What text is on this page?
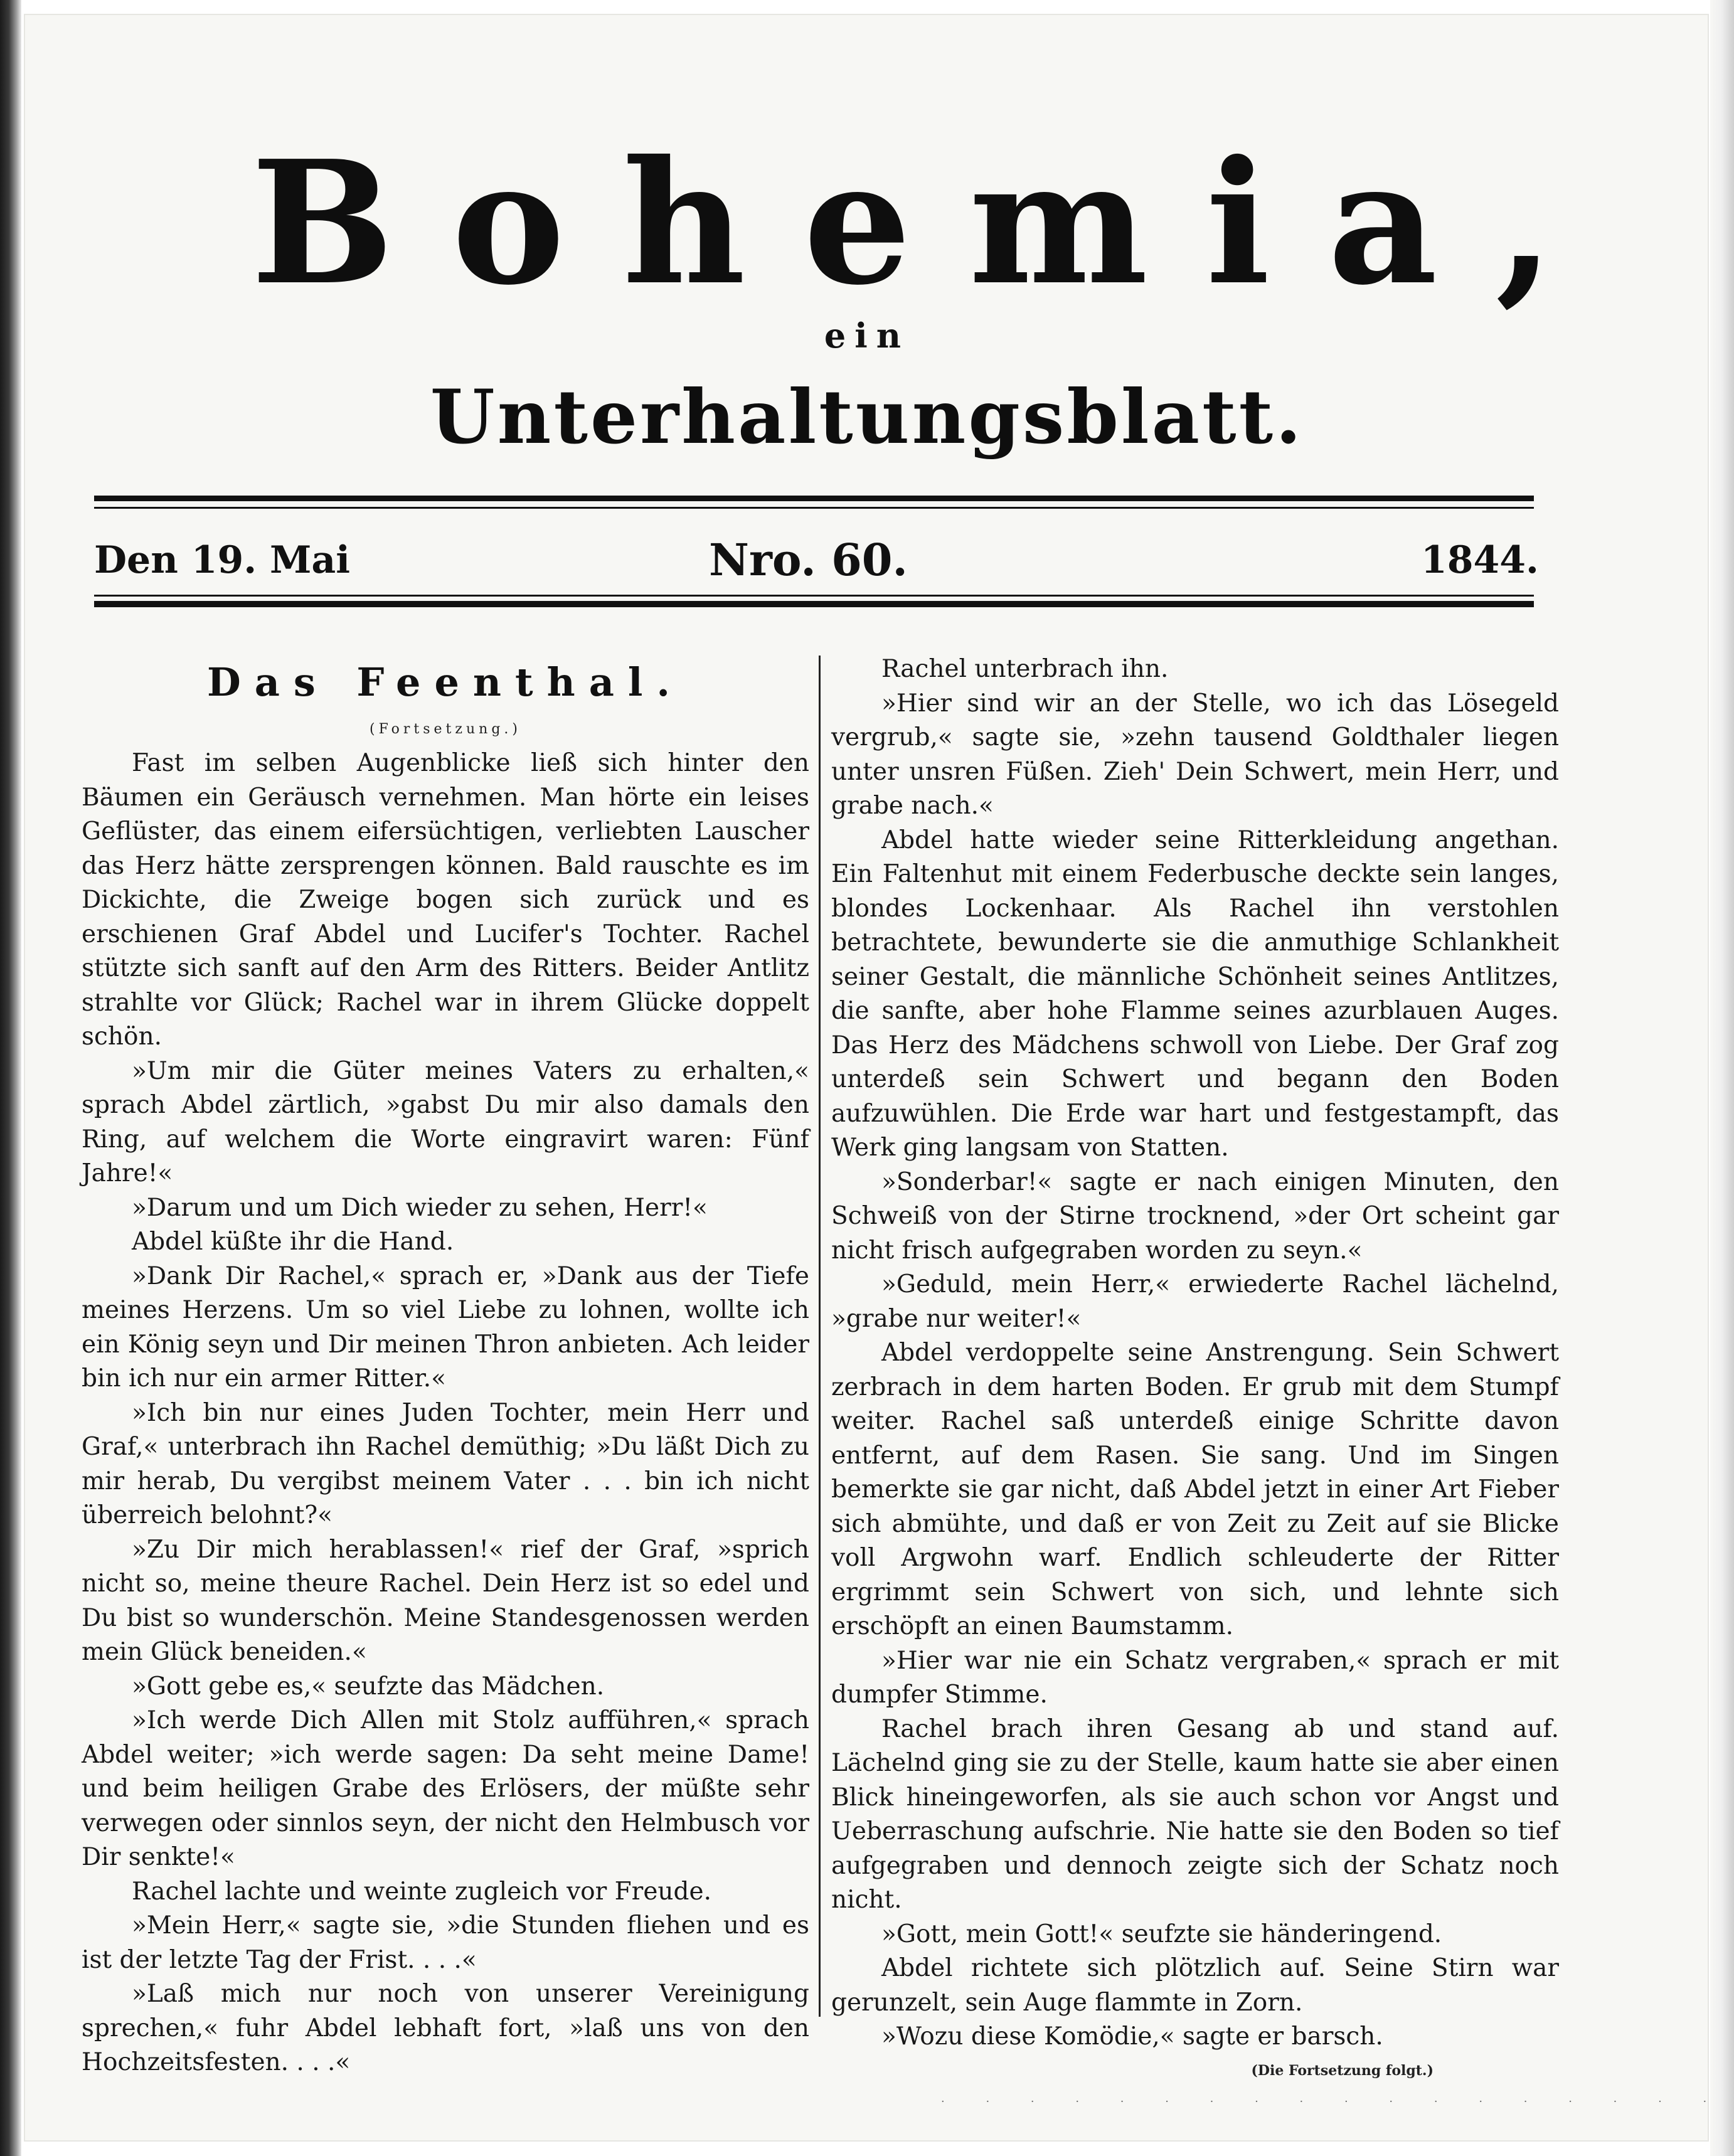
Bohemia,
ein
Unterhaltungsblatt.
Den 19. Mai	Nro. 60.	1844.

Das Feenthal.

(Fortsetzung.)

Fast im selben Augenblicke ließ sich hinter den Bäumen ein Geräusch vernehmen. Man hörte ein leises Geflüster, das einem eifersüchtigen, verliebten Lauscher das Herz hätte zersprengen können. Bald rauschte es im Dickichte, die Zweige bogen sich zurück und es erschienen Graf Abdel und Lucifer's Tochter. Rachel stützte sich sanft auf den Arm des Ritters. Beider Antlitz strahlte vor Glück; Rachel war in ihrem Glücke doppelt schön.

»Um mir die Güter meines Vaters zu erhalten,« sprach Abdel zärtlich, »gabst Du mir also damals den Ring, auf welchem die Worte eingravirt waren: Fünf Jahre!«

»Darum und um Dich wieder zu sehen, Herr!«

Abdel küßte ihr die Hand.

»Dank Dir Rachel,« sprach er, »Dank aus der Tiefe meines Herzens. Um so viel Liebe zu lohnen, wollte ich ein König seyn und Dir meinen Thron anbieten. Ach leider bin ich nur ein armer Ritter.«

»Ich bin nur eines Juden Tochter, mein Herr und Graf,« unterbrach ihn Rachel demüthig; »Du läßt Dich zu mir herab, Du vergibst meinem Vater . . . bin ich nicht überreich belohnt?«

»Zu Dir mich herablassen!« rief der Graf, »sprich nicht so, meine theure Rachel. Dein Herz ist so edel und Du bist so wunderschön. Meine Standesgenossen werden mein Glück beneiden.«

»Gott gebe es,« seufzte das Mädchen.

»Ich werde Dich Allen mit Stolz aufführen,« sprach Abdel weiter; »ich werde sagen: Da seht meine Dame! und beim heiligen Grabe des Erlösers, der müßte sehr verwegen oder sinnlos seyn, der nicht den Helmbusch vor Dir senkte!«

Rachel lachte und weinte zugleich vor Freude.

»Mein Herr,« sagte sie, »die Stunden fliehen und es ist der letzte Tag der Frist. . . .«

»Laß mich nur noch von unserer Vereinigung sprechen,« fuhr Abdel lebhaft fort, »laß uns von den Hochzeitsfesten. . . .«

Rachel unterbrach ihn.

»Hier sind wir an der Stelle, wo ich das Lösegeld vergrub,« sagte sie, »zehn tausend Goldthaler liegen unter unsren Füßen. Zieh' Dein Schwert, mein Herr, und grabe nach.«

Abdel hatte wieder seine Ritterkleidung angethan. Ein Faltenhut mit einem Federbusche deckte sein langes, blondes Lockenhaar. Als Rachel ihn verstohlen betrachtete, bewunderte sie die anmuthige Schlankheit seiner Gestalt, die männliche Schönheit seines Antlitzes, die sanfte, aber hohe Flamme seines azurblauen Auges. Das Herz des Mädchens schwoll von Liebe. Der Graf zog unterdeß sein Schwert und begann den Boden aufzuwühlen. Die Erde war hart und festgestampft, das Werk ging langsam von Statten.

»Sonderbar!« sagte er nach einigen Minuten, den Schweiß von der Stirne trocknend, »der Ort scheint gar nicht frisch aufgegraben worden zu seyn.«

»Geduld, mein Herr,« erwiederte Rachel lächelnd, »grabe nur weiter!«

Abdel verdoppelte seine Anstrengung. Sein Schwert zerbrach in dem harten Boden. Er grub mit dem Stumpf weiter. Rachel saß unterdeß einige Schritte davon entfernt, auf dem Rasen. Sie sang. Und im Singen bemerkte sie gar nicht, daß Abdel jetzt in einer Art Fieber sich abmühte, und daß er von Zeit zu Zeit auf sie Blicke voll Argwohn warf. Endlich schleuderte der Ritter ergrimmt sein Schwert von sich, und lehnte sich erschöpft an einen Baumstamm.

»Hier war nie ein Schatz vergraben,« sprach er mit dumpfer Stimme.

Rachel brach ihren Gesang ab und stand auf. Lächelnd ging sie zu der Stelle, kaum hatte sie aber einen Blick hineingeworfen, als sie auch schon vor Angst und Ueberraschung aufschrie. Nie hatte sie den Boden so tief aufgegraben und dennoch zeigte sich der Schatz noch nicht.

»Gott, mein Gott!« seufzte sie händeringend.

Abdel richtete sich plötzlich auf. Seine Stirn war gerunzelt, sein Auge flammte in Zorn.

»Wozu diese Komödie,« sagte er barsch.

(Die Fortsetzung folgt.)

· · · · · · · · · · · · · · · · · ·
